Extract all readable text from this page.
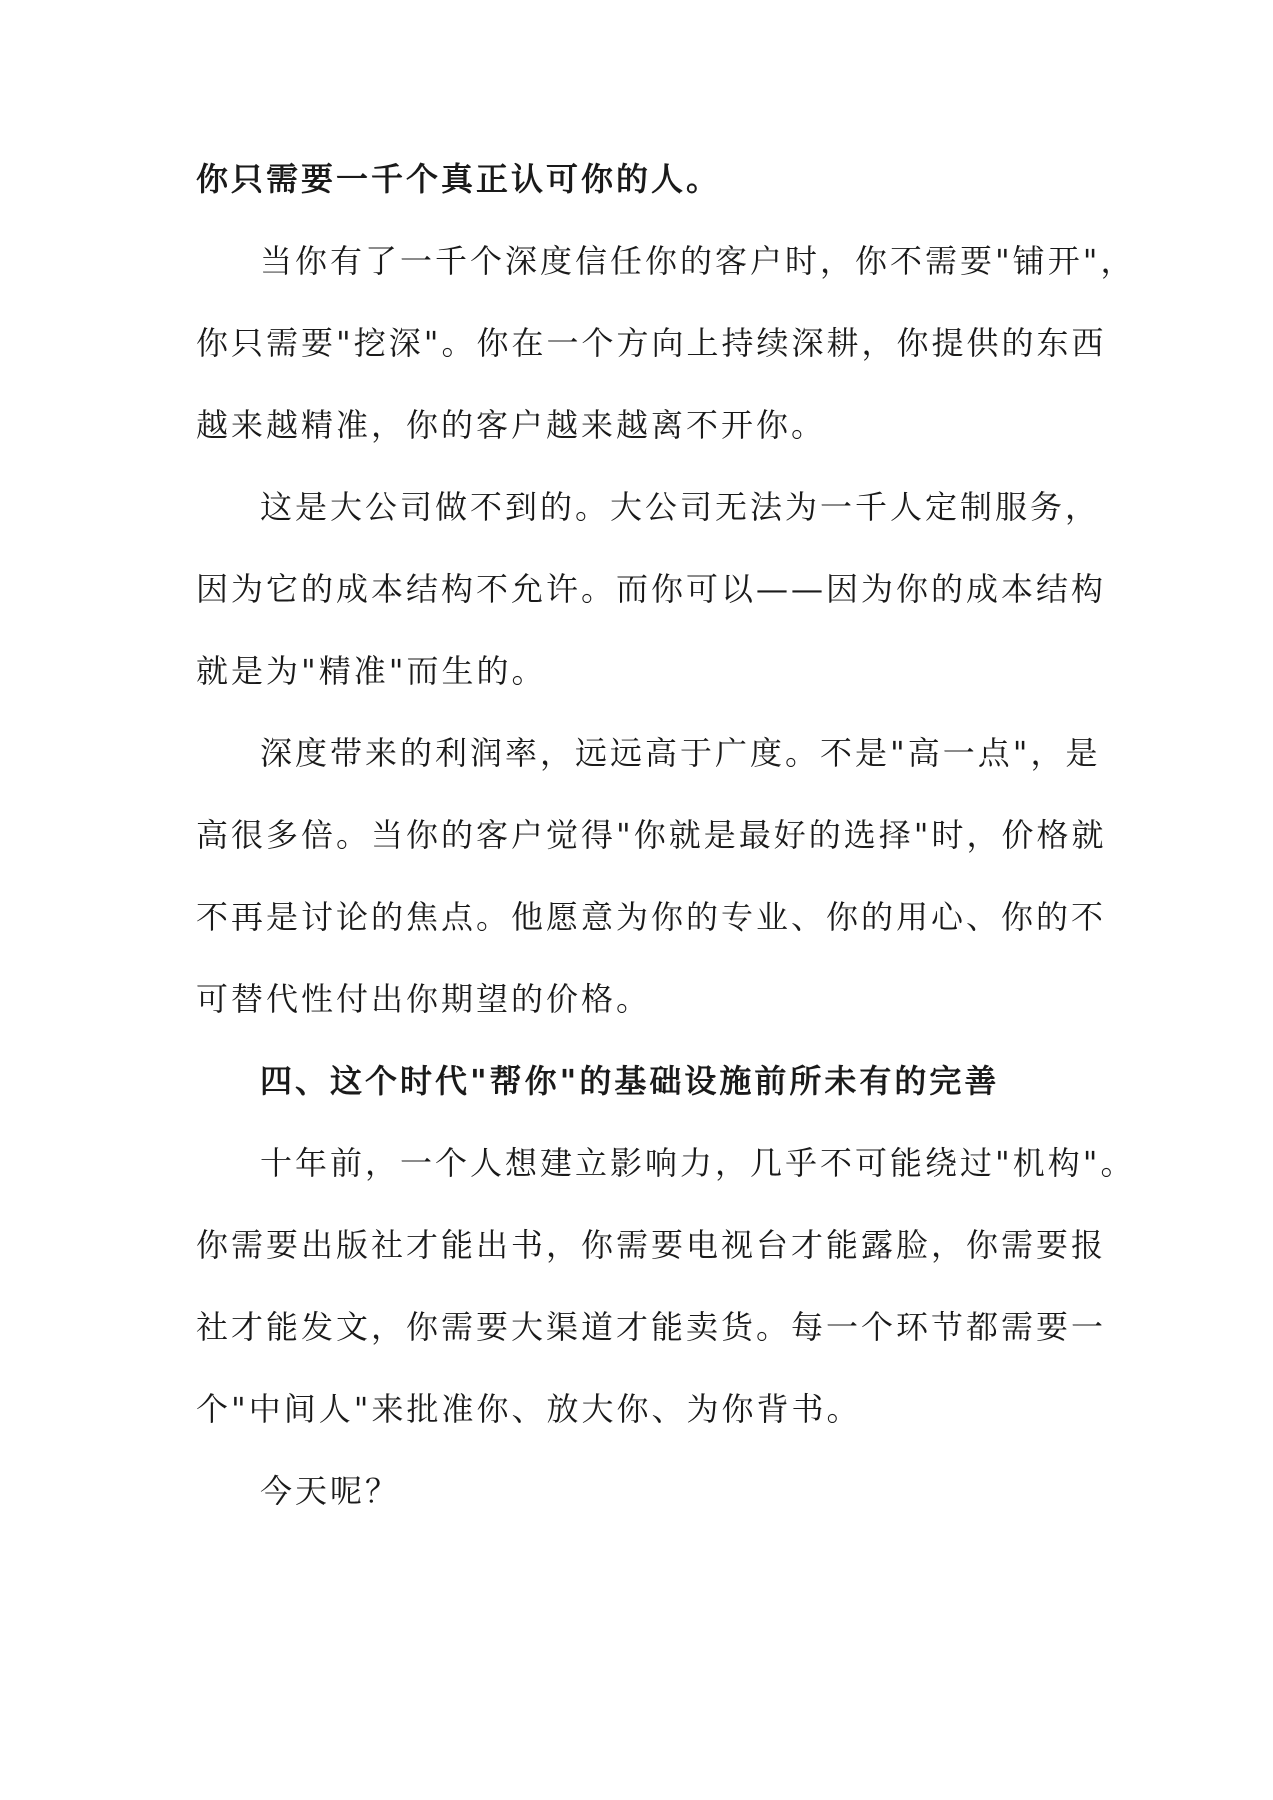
你只需要一千个真正认可你的人。
当你有了一千个深度信任你的客户时，你不需要"铺开"，
你只需要"挖深"。你在一个方向上持续深耕，你提供的东西
越来越精准，你的客户越来越离不开你。
这是大公司做不到的。大公司无法为一千人定制服务，
因为它的成本结构不允许。而你可以——因为你的成本结构
就是为"精准"而生的。
深度带来的利润率，远远高于广度。不是"高一点"，是
高很多倍。当你的客户觉得"你就是最好的选择"时，价格就
不再是讨论的焦点。他愿意为你的专业、你的用心、你的不
可替代性付出你期望的价格。
四、这个时代"帮你"的基础设施前所未有的完善
十年前，一个人想建立影响力，几乎不可能绕过"机构"。
你需要出版社才能出书，你需要电视台才能露脸，你需要报
社才能发文，你需要大渠道才能卖货。每一个环节都需要一
个"中间人"来批准你、放大你、为你背书。
今天呢？
